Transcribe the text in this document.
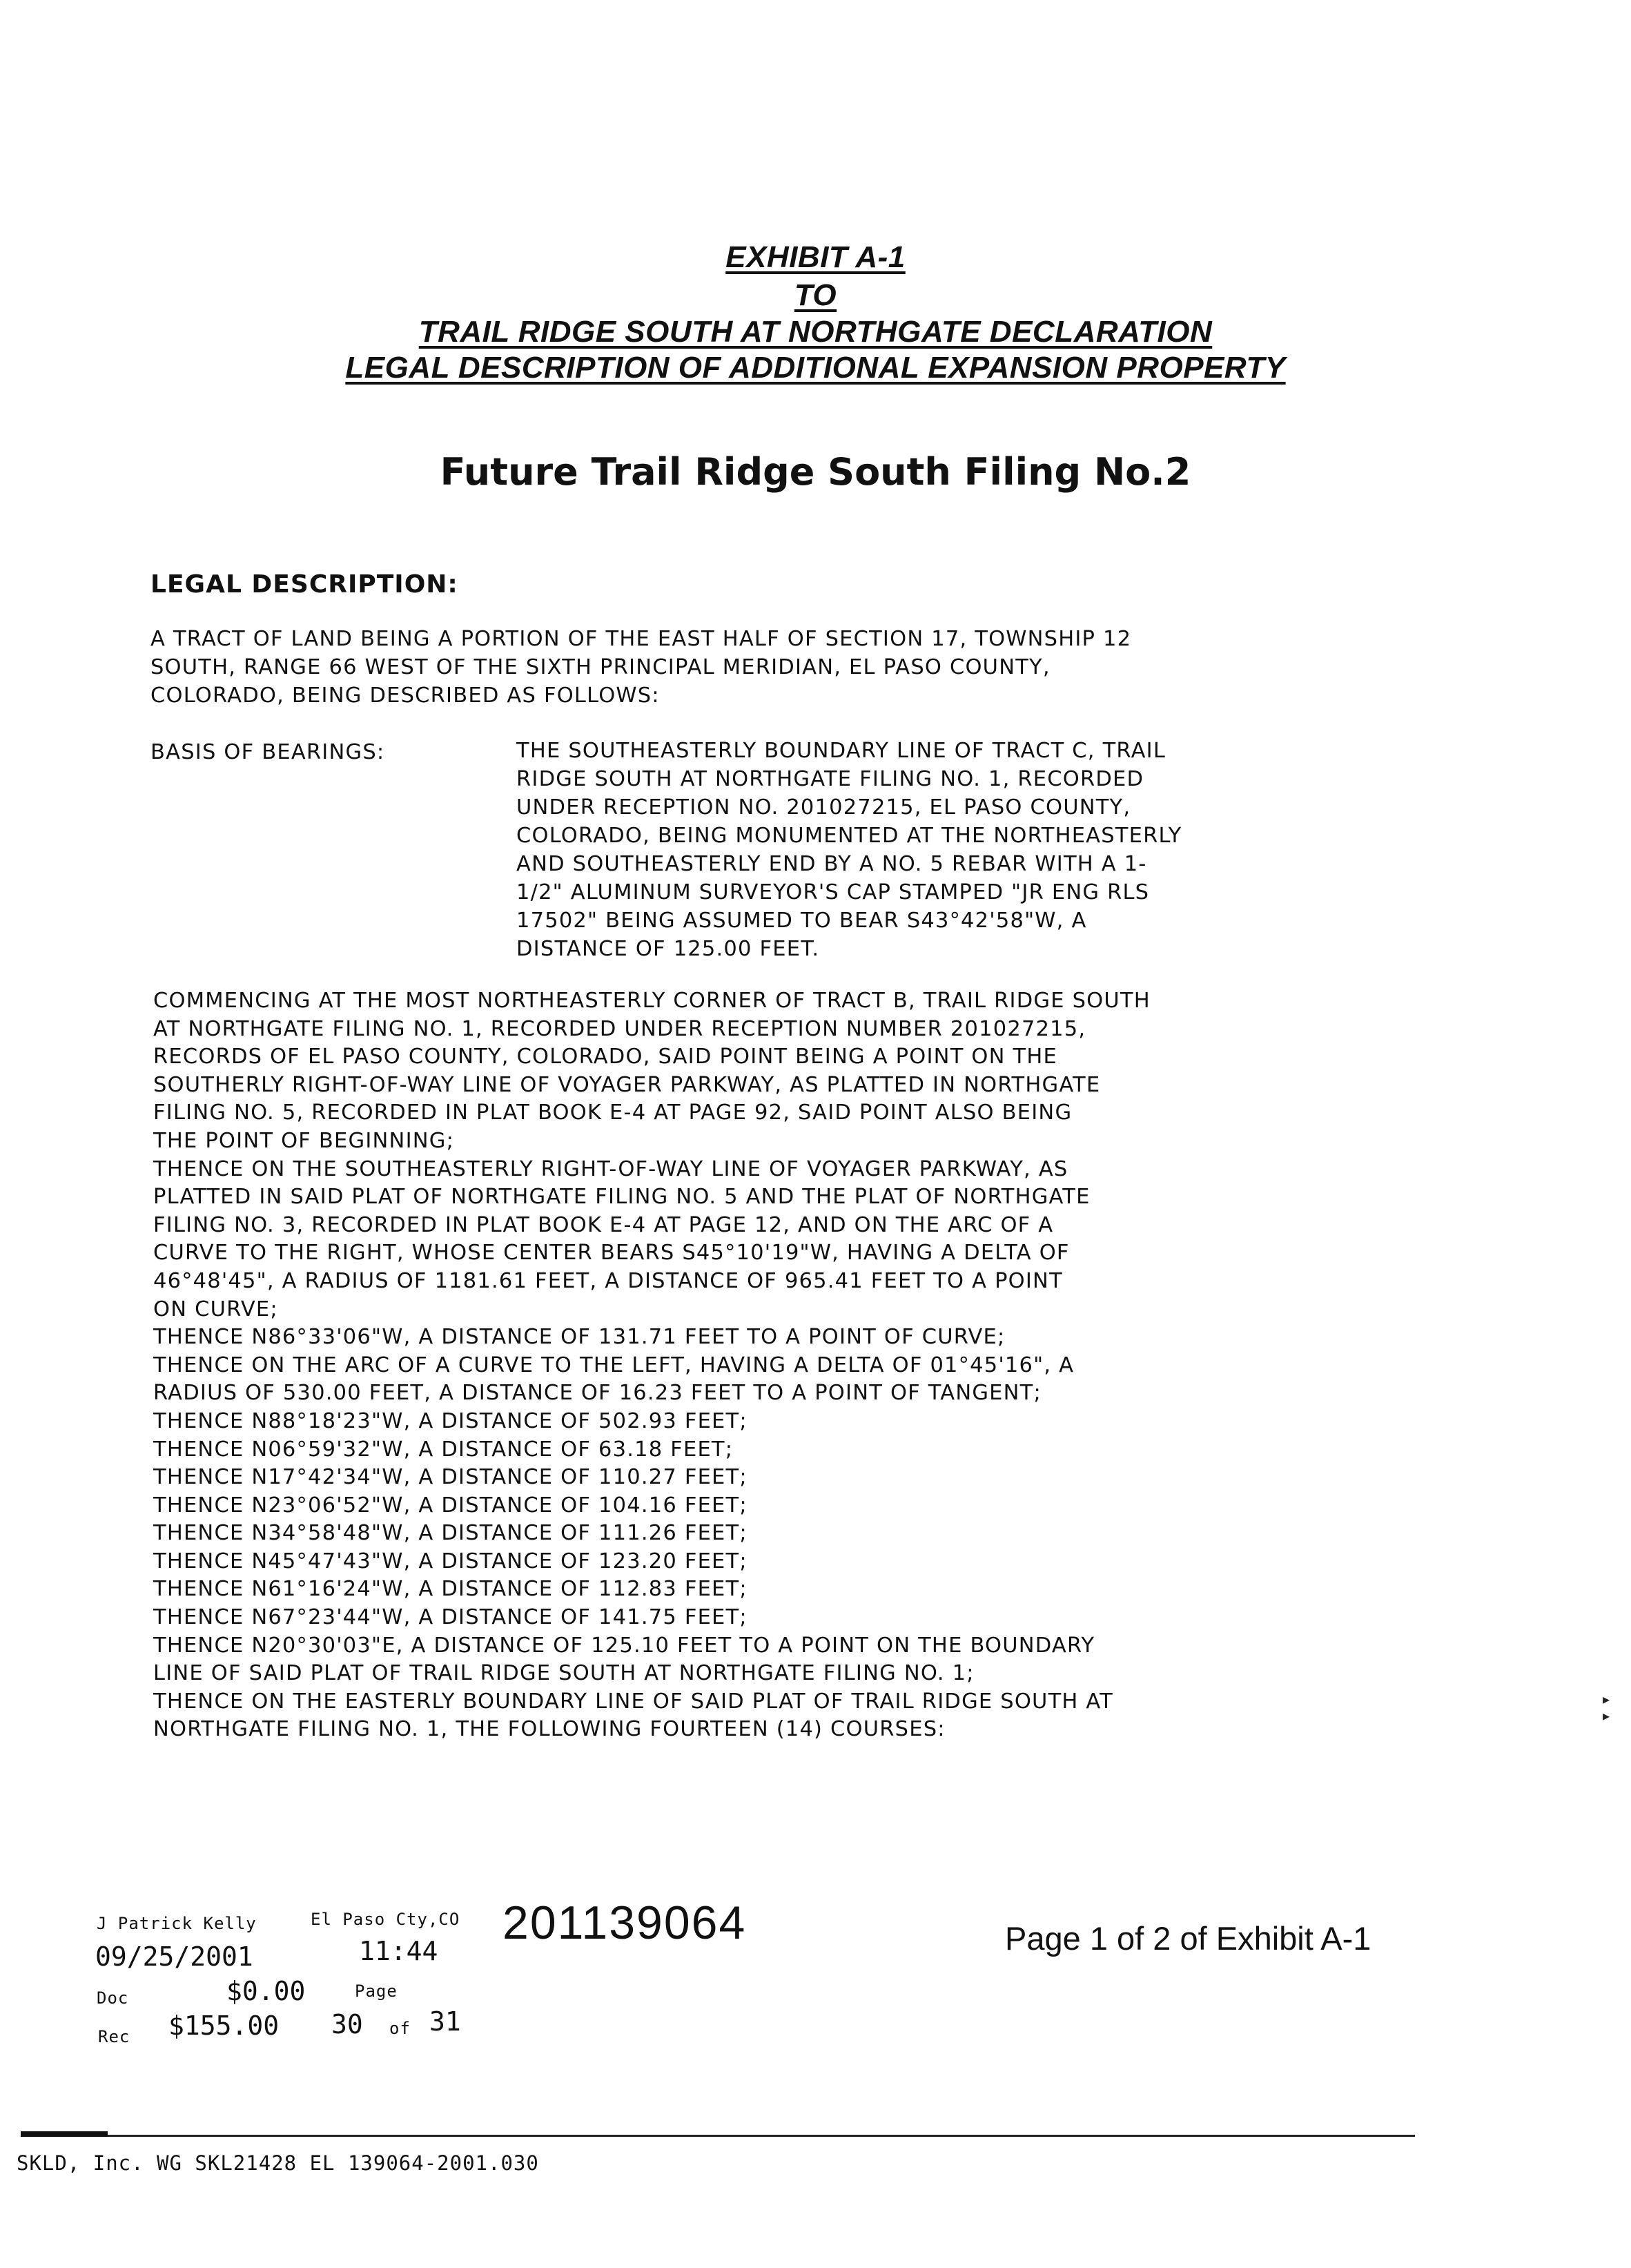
EXHIBIT A-1
TO
TRAIL RIDGE SOUTH AT NORTHGATE DECLARATION
LEGAL DESCRIPTION OF ADDITIONAL EXPANSION PROPERTY
Future Trail Ridge South Filing No.2
LEGAL DESCRIPTION:
A TRACT OF LAND BEING A PORTION OF THE EAST HALF OF SECTION 17, TOWNSHIP 12
SOUTH, RANGE 66 WEST OF THE SIXTH PRINCIPAL MERIDIAN, EL PASO COUNTY,
COLORADO, BEING DESCRIBED AS FOLLOWS:
BASIS OF BEARINGS:	THE SOUTHEASTERLY BOUNDARY LINE OF TRACT C, TRAIL
RIDGE SOUTH AT NORTHGATE FILING NO. 1, RECORDED
UNDER RECEPTION NO. 201027215, EL PASO COUNTY,
COLORADO, BEING MONUMENTED AT THE NORTHEASTERLY
AND SOUTHEASTERLY END BY A NO. 5 REBAR WITH A 1-
1/2" ALUMINUM SURVEYOR'S CAP STAMPED "JR ENG RLS
17502" BEING ASSUMED TO BEAR S43°42'58"W, A
DISTANCE OF 125.00 FEET.
COMMENCING AT THE MOST NORTHEASTERLY CORNER OF TRACT B, TRAIL RIDGE SOUTH
AT NORTHGATE FILING NO. 1, RECORDED UNDER RECEPTION NUMBER 201027215,
RECORDS OF EL PASO COUNTY, COLORADO, SAID POINT BEING A POINT ON THE
SOUTHERLY RIGHT-OF-WAY LINE OF VOYAGER PARKWAY, AS PLATTED IN NORTHGATE
FILING NO. 5, RECORDED IN PLAT BOOK E-4 AT PAGE 92, SAID POINT ALSO BEING
THE POINT OF BEGINNING;
THENCE ON THE SOUTHEASTERLY RIGHT-OF-WAY LINE OF VOYAGER PARKWAY, AS
PLATTED IN SAID PLAT OF NORTHGATE FILING NO. 5 AND THE PLAT OF NORTHGATE
FILING NO. 3, RECORDED IN PLAT BOOK E-4 AT PAGE 12, AND ON THE ARC OF A
CURVE TO THE RIGHT, WHOSE CENTER BEARS S45°10'19"W, HAVING A DELTA OF
46°48'45", A RADIUS OF 1181.61 FEET, A DISTANCE OF 965.41 FEET TO A POINT
ON CURVE;
THENCE N86°33'06"W, A DISTANCE OF 131.71 FEET TO A POINT OF CURVE;
THENCE ON THE ARC OF A CURVE TO THE LEFT, HAVING A DELTA OF 01°45'16", A
RADIUS OF 530.00 FEET, A DISTANCE OF 16.23 FEET TO A POINT OF TANGENT;
THENCE N88°18'23"W, A DISTANCE OF 502.93 FEET;
THENCE N06°59'32"W, A DISTANCE OF 63.18 FEET;
THENCE N17°42'34"W, A DISTANCE OF 110.27 FEET;
THENCE N23°06'52"W, A DISTANCE OF 104.16 FEET;
THENCE N34°58'48"W, A DISTANCE OF 111.26 FEET;
THENCE N45°47'43"W, A DISTANCE OF 123.20 FEET;
THENCE N61°16'24"W, A DISTANCE OF 112.83 FEET;
THENCE N67°23'44"W, A DISTANCE OF 141.75 FEET;
THENCE N20°30'03"E, A DISTANCE OF 125.10 FEET TO A POINT ON THE BOUNDARY
LINE OF SAID PLAT OF TRAIL RIDGE SOUTH AT NORTHGATE FILING NO. 1;
THENCE ON THE EASTERLY BOUNDARY LINE OF SAID PLAT OF TRAIL RIDGE SOUTH AT
NORTHGATE FILING NO. 1, THE FOLLOWING FOURTEEN (14) COURSES:
▸
▸
J Patrick Kelly	El Paso Cty,CO
09/25/2001	11:44
Doc	$0.00	Page
Rec $155.00 30 of 31
201139064	Page 1 of 2 of Exhibit A-1
SKLD, Inc. WG SKL21428 EL 139064-2001.030
